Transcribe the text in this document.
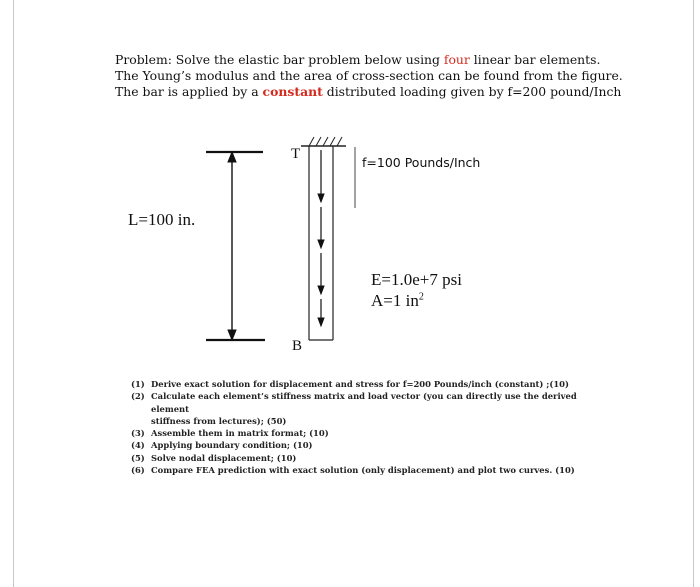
Problem: Solve the elastic bar problem below using four linear bar elements.
The Young’s modulus and the area of cross-section can be found from the figure.
The bar is applied by a constant distributed loading given by f=200 pound/Inch
T
B
L=100 in.
f=100 Pounds/Inch
E=1.0e+7 psi
A=1 $in^2$
(1) Derive exact solution for displacement and stress for f=200 Pounds/inch (constant) ;(10)
(2) Calculate each element’s stiffness matrix and load vector (you can directly use the derived element
stiffness from lectures); (50)
(3) Assemble them in matrix format; (10)
(4) Applying boundary condition; (10)
(5) Solve nodal displacement; (10)
(6) Compare FEA prediction with exact solution (only displacement) and plot two curves. (10)
